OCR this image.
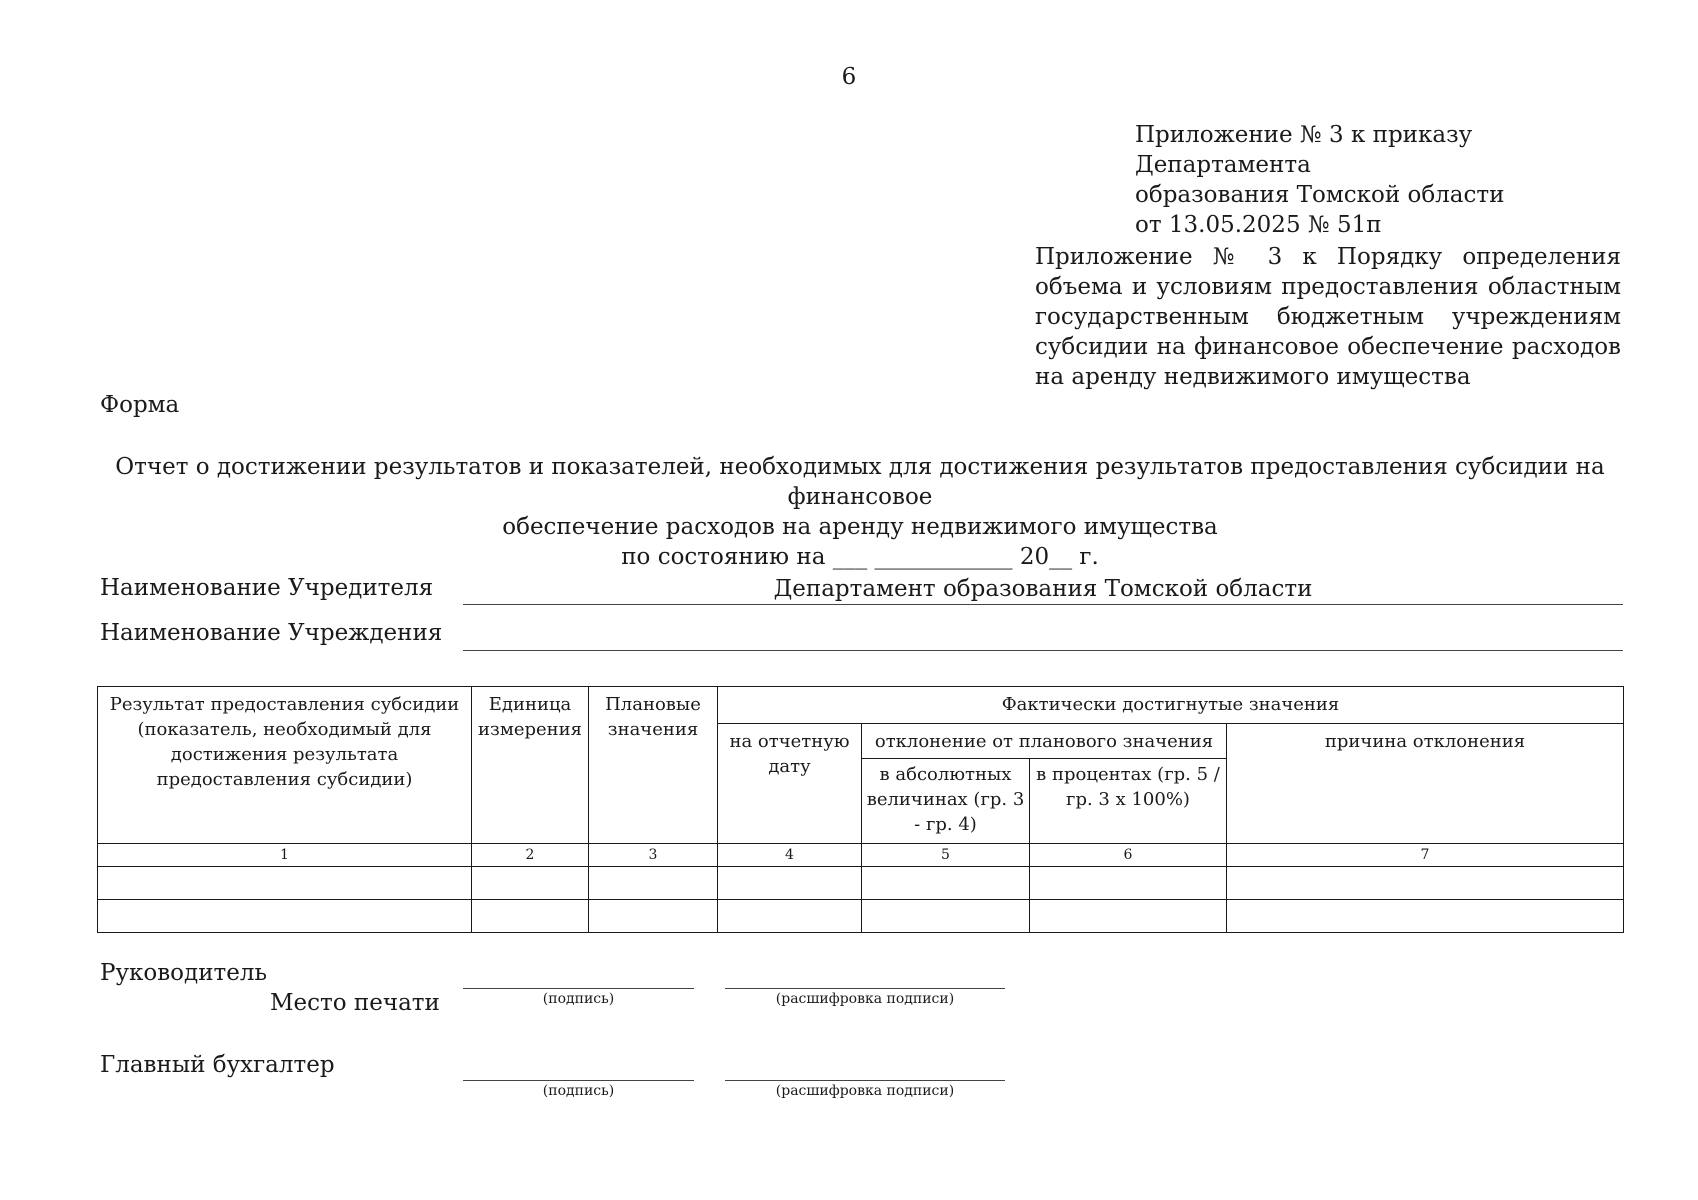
6
Приложение № 3 к приказу Департамента
образования Томской области
от 13.05.2025 № 51п
Приложение № 3 к Порядку определения объема и условиям предоставления областным государственным бюджетным учреждениям субсидии на финансовое обеспечение расходов на аренду недвижимого имущества
Форма
Отчет о достижении результатов и показателей, необходимых для достижения результатов предоставления субсидии на финансовое
обеспечение расходов на аренду недвижимого имущества
по состоянию на ___ ____________ 20__ г.
Наименование Учредителя	Департамент образования Томской области
Наименование Учреждения
Результат предоставления субсидии (показатель, необходимый для достижения результата предоставления субсидии)	Единица измерения	Плановые значения	Фактически достигнутые значения			
			на отчетную дату	отклонение от планового значения		причина отклонения
				в абсолютных величинах (гр. 3 - гр. 4)	в процентах (гр. 5 / гр. 3 х 100%)	
1	2	3	4	5	6	7

Руководитель
Место печати	(подпись)	(расшифровка подписи)
Главный бухгалтер
(подпись)	(расшифровка подписи)
